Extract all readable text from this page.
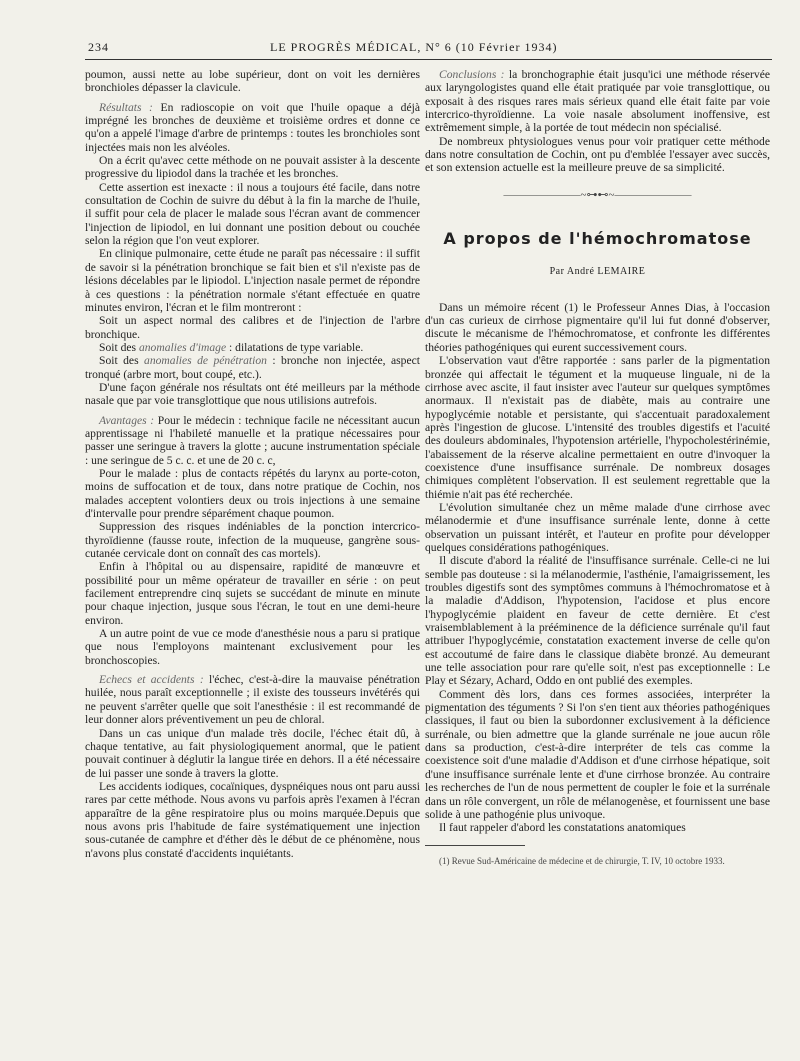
234	LE PROGRÈS MÉDICAL, N° 6 (10 Février 1934)

poumon, aussi nette au lobe supérieur, dont on voit les dernières bronchioles dépasser la clavicule.

Résultats : En radioscopie on voit que l'huile opaque a déjà imprégné les bronches de deuxième et troisième ordres et donne ce qu'on a appelé l'image d'arbre de printemps : toutes les bronchioles sont injectées mais non les alvéoles.

On a écrit qu'avec cette méthode on ne pouvait assister à la descente progressive du lipiodol dans la trachée et les bronches.

Cette assertion est inexacte : il nous a toujours été facile, dans notre consultation de Cochin de suivre du début à la fin la marche de l'huile, il suffit pour cela de placer le malade sous l'écran avant de commencer l'injection de lipiodol, en lui donnant une position debout ou couchée selon la région que l'on veut explorer.

En clinique pulmonaire, cette étude ne paraît pas nécessaire : il suffit de savoir si la pénétration bronchique se fait bien et s'il n'existe pas de lésions décelables par le lipiodol. L'injection nasale permet de répondre à ces questions : la pénétration normale s'étant effectuée en quatre minutes environ, l'écran et le film montreront :

Soit un aspect normal des calibres et de l'injection de l'arbre bronchique.

Soit des anomalies d'image : dilatations de type variable.

Soit des anomalies de pénétration : bronche non injectée, aspect tronqué (arbre mort, bout coupé, etc.).

D'une façon générale nos résultats ont été meilleurs par la méthode nasale que par voie transglottique que nous utilisions autrefois.

Avantages : Pour le médecin : technique facile ne nécessitant aucun apprentissage ni l'habileté manuelle et la pratique nécessaires pour passer une seringue à travers la glotte ; aucune instrumentation spéciale : une seringue de 5 c. c. et une de 20 c. c,

Pour le malade : plus de contacts répétés du larynx au porte-coton, moins de suffocation et de toux, dans notre pratique de Cochin, nos malades acceptent volontiers deux ou trois injections à une semaine d'intervalle pour prendre séparément chaque poumon.

Suppression des risques indéniables de la ponction intercrico-thyroïdienne (fausse route, infection de la muqueuse, gangrène sous-cutanée cervicale dont on connaît des cas mortels).

Enfin à l'hôpital ou au dispensaire, rapidité de manœuvre et possibilité pour un même opérateur de travailler en série : on peut facilement entreprendre cinq sujets se succédant de minute en minute pour chaque injection, jusque sous l'écran, le tout en une demi-heure environ.

A un autre point de vue ce mode d'anesthésie nous a paru si pratique que nous l'employons maintenant exclusivement pour les bronchoscopies.

Echecs et accidents : l'échec, c'est-à-dire la mauvaise pénétration huilée, nous paraît exceptionnelle ; il existe des tousseurs invétérés qui ne peuvent s'arrêter quelle que soit l'anesthésie : il est recommandé de leur donner alors préventivement un peu de chloral.

Dans un cas unique d'un malade très docile, l'échec était dû, à chaque tentative, au fait physiologiquement anormal, que le patient pouvait continuer à déglutir la langue tirée en dehors. Il a été nécessaire de lui passer une sonde à travers la glotte.

Les accidents iodiques, cocaïniques, dyspnéiques nous ont paru aussi rares par cette méthode. Nous avons vu parfois après l'examen à l'écran apparaître de la gêne respiratoire plus ou moins marquée.Depuis que nous avons pris l'habitude de faire systématiquement une injection sous-cutanée de camphre et d'éther dès le début de ce phénomène, nous n'avons plus constaté d'accidents inquiétants.

Conclusions : la bronchographie était jusqu'ici une méthode réservée aux laryngologistes quand elle était pratiquée par voie transglottique, ou exposait à des risques rares mais sérieux quand elle était faite par voie intercrico-thyroïdienne. La voie nasale absolument inoffensive, est extrêmement simple, à la portée de tout médecin non spécialisé.

De nombreux phtysiologues venus pour voir pratiquer cette méthode dans notre consultation de Cochin, ont pu d'emblée l'essayer avec succès, et son extension actuelle est la meilleure preuve de sa simplicité.

———————~⊶⊷~———————
A propos de l'hémochromatose
Par André LEMAIRE

Dans un mémoire récent (1) le Professeur Annes Dias, à l'occasion d'un cas curieux de cirrhose pigmentaire qu'il lui fut donné d'observer, discute le mécanisme de l'hémochromatose, et confronte les différentes théories pathogéniques qui eurent successivement cours.

L'observation vaut d'être rapportée : sans parler de la pigmentation bronzée qui affectait le tégument et la muqueuse linguale, ni de la cirrhose avec ascite, il faut insister avec l'auteur sur quelques symptômes anormaux. Il n'existait pas de diabète, mais au contraire une hypoglycémie notable et persistante, qui s'accentuait paradoxalement après l'ingestion de glucose. L'intensité des troubles digestifs et l'acuité des douleurs abdominales, l'hypotension artérielle, l'hypocholestérinémie, l'abaissement de la réserve alcaline permettaient en outre d'invoquer la coexistence d'une insuffisance surrénale. De nombreux dosages chimiques complètent l'observation. Il est seulement regrettable que la thiémie n'ait pas été recherchée.

L'évolution simultanée chez un même malade d'une cirrhose avec mélanodermie et d'une insuffisance surrénale lente, donne à cette observation un puissant intérêt, et l'auteur en profite pour développer quelques considérations pathogéniques.

Il discute d'abord la réalité de l'insuffisance surrénale. Celle-ci ne lui semble pas douteuse : si la mélanodermie, l'asthénie, l'amaigrissement, les troubles digestifs sont des symptômes communs à l'hémochromatose et à la maladie d'Addison, l'hypotension, l'acidose et plus encore l'hypoglycémie plaident en faveur de cette dernière. Et c'est vraisemblablement à la prééminence de la déficience surrénale qu'il faut attribuer l'hypoglycémie, constatation exactement inverse de celle qu'on est accoutumé de faire dans le classique diabète bronzé. Au demeurant une telle association pour rare qu'elle soit, n'est pas exceptionnelle : Le Play et Sézary, Achard, Oddo en ont publié des exemples.

Comment dès lors, dans ces formes associées, interpréter la pigmentation des téguments ? Si l'on s'en tient aux théories pathogéniques classiques, il faut ou bien la subordonner exclusivement à la déficience surrénale, ou bien admettre que la glande surrénale ne joue aucun rôle dans sa production, c'est-à-dire interpréter de tels cas comme la coexistence soit d'une maladie d'Addison et d'une cirrhose hépatique, soit d'une insuffisance surrénale lente et d'une cirrhose bronzée. Au contraire les recherches de l'un de nous permettent de coupler le foie et la surrénale dans un rôle convergent, un rôle de mélanogenèse, et fournissent une base solide à une pathogénie plus univoque.

Il faut rappeler d'abord les constatations anatomiques

(1) Revue Sud-Américaine de médecine et de chirurgie, T. IV, 10 octobre 1933.
